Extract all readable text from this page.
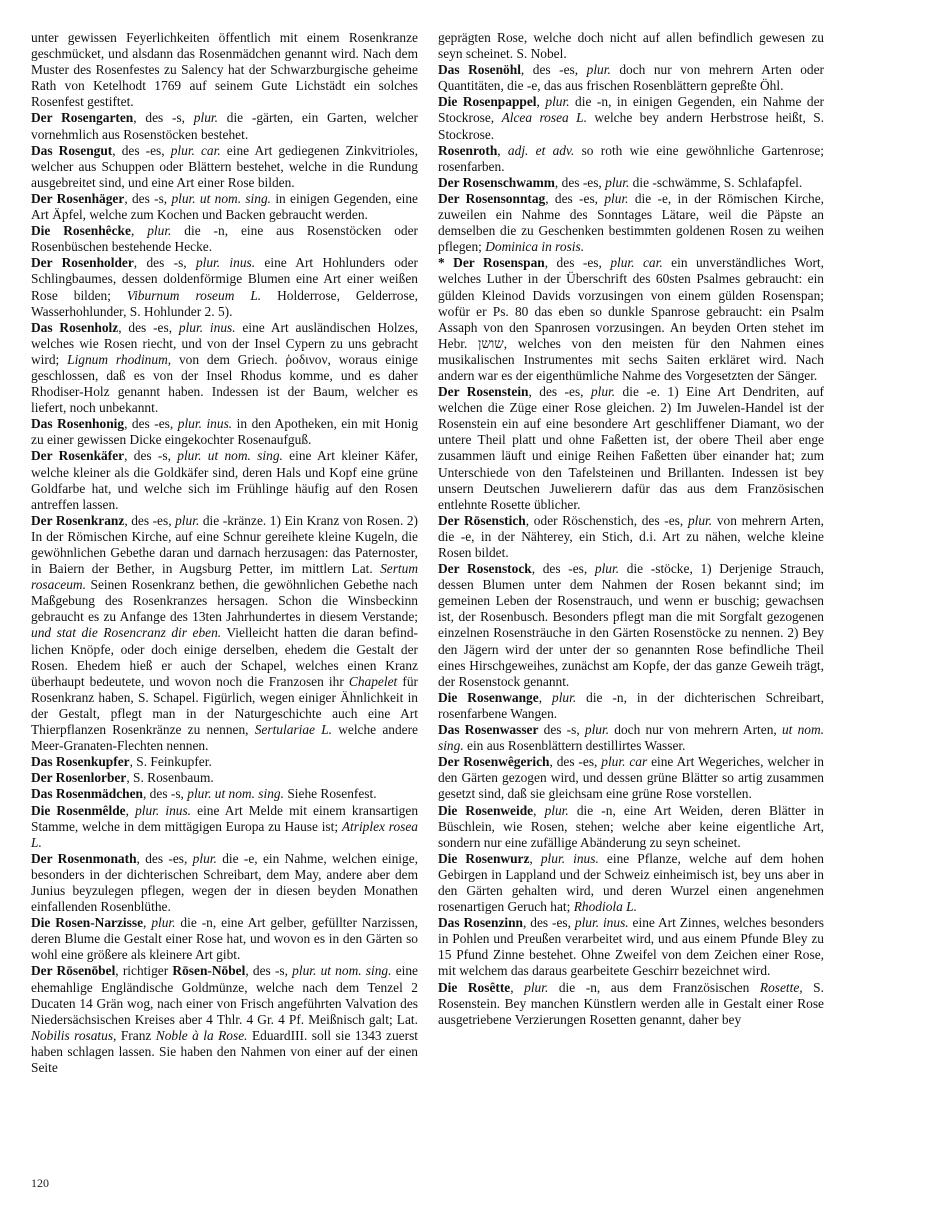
unter gewissen Feyerlichkeiten öffentlich mit einem Rosenkranze geschmücket, und alsdann das Rosenmädchen genannt wird. Nach dem Muster des Rosenfestes zu Salency hat der Schwarzburgische geheime Rath von Ketelhodt 1769 auf seinem Gute Lichstädt ein solches Rosenfest gestiftet.

Der Rosengarten, des -s, plur. die -gärten, ein Garten, welcher vornehmlich aus Rosenstöcken bestehet.

Das Rosengut, des -es, plur. car. eine Art gediegenen Zinkvitrioles, welcher aus Schuppen oder Blättern bestehet, welche in die Rundung ausgebreitet sind, und eine Art einer Rose bilden.

Der Rosenhäger, des -s, plur. ut nom. sing. in einigen Gegenden, eine Art Äpfel, welche zum Kochen und Backen gebraucht werden.

Die Rosenhêcke, plur. die -n, eine aus Rosenstöcken oder Rosenbüschen bestehende Hecke.

Der Rosenholder, des -s, plur. inus. eine Art Hohlunders oder Schlingbaumes, dessen doldenförmige Blumen eine Art einer weißen Rose bilden; Viburnum roseum L. Holderrose, Gelderrose, Wasserhohlunder, S. Hohlunder 2. 5).

Das Rosenholz, des -es, plur. inus. eine Art ausländischen Holzes, welches wie Rosen riecht, und von der Insel Cypern zu uns gebracht wird; Lignum rhodinum, von dem Griech. ῥοδινον, woraus einige geschlossen, daß es von der Insel Rhodus komme, und es daher Rhodiser-Holz genannt haben. Indessen ist der Baum, welcher es liefert, noch unbekannt.

Das Rosenhonig, des -es, plur. inus. in den Apotheken, ein mit Honig zu einer gewissen Dicke eingekochter Rosenaufguß.

Der Rosenkäfer, des -s, plur. ut nom. sing. eine Art kleiner Käfer, welche kleiner als die Goldkäfer sind, deren Hals und Kopf eine grüne Goldfarbe hat, und welche sich im Frühlinge häufig auf den Rosen antreffen lassen.

Der Rosenkranz, des -es, plur. die -kränze. 1) Ein Kranz von Rosen. 2) In der Römischen Kirche, auf eine Schnur gereihete kleine Kugeln, die gewöhnlichen Gebethe daran und darnach herzusagen: das Paternoster, in Baiern der Bether, in Augsburg Petter, im mittlern Lat. Sertum rosaceum. Seinen Rosenkranz bethen, die gewöhnlichen Gebethe nach Maßgebung des Rosenkranzes hersagen. Schon die Winsbeckinn gebraucht es zu Anfange des 13ten Jahrhundertes in diesem Verstande; und stat die Rosencranz dir eben. Vielleicht hatten die daran befindlichen Knöpfe, oder doch einige derselben, ehedem die Gestalt der Rosen. Ehedem hieß er auch der Schapel, welches einen Kranz überhaupt bedeutete, und wovon noch die Franzosen ihr Chapelet für Rosenkranz haben, S. Schapel. Figürlich, wegen einiger Ähnlichkeit in der Gestalt, pflegt man in der Naturgeschichte auch eine Art Thierpflanzen Rosenkränze zu nennen, Sertulariae L. welche andere Meer-Granaten-Flechten nennen.

Das Rosenkupfer, S. Feinkupfer.

Der Rosenlorber, S. Rosenbaum.

Das Rosenmädchen, des -s, plur. ut nom. sing. Siehe Rosenfest.

Die Rosenmêlde, plur. inus. eine Art Melde mit einem kransartigen Stamme, welche in dem mittägigen Europa zu Hause ist; Atriplex rosea L.

Der Rosenmonath, des -es, plur. die -e, ein Nahme, welchen einige, besonders in der dichterischen Schreibart, dem May, andere aber dem Junius beyzulegen pflegen, wegen der in diesen beyden Monathen einfallenden Rosenblüthe.

Die Rosen-Narzisse, plur. die -n, eine Art gelber, gefüllter Narzissen, deren Blume die Gestalt einer Rose hat, und wovon es in den Gärten so wohl eine größere als kleinere Art gibt.

Der Rōsenōbel, richtiger Rōsen-Nōbel, des -s, plur. ut nom. sing. eine ehemahlige Engländische Goldmünze, welche nach dem Tenzel 2 Ducaten 14 Grän wog, nach einer von Frisch angeführten Valvation des Niedersächsischen Kreises aber 4 Thlr. 4 Gr. 4 Pf. Meißnisch galt; Lat. Nobilis rosatus, Franz Noble à la Rose. EduardIII. soll sie 1343 zuerst haben schlagen lassen. Sie haben den Nahmen von einer auf der einen Seite

geprägten Rose, welche doch nicht auf allen befindlich gewesen zu seyn scheinet. S. Nobel.

Das Rosenöhl, des -es, plur. doch nur von mehrern Arten oder Quantitäten, die -e, das aus frischen Rosenblättern gepreßte Öhl.

Die Rosenpappel, plur. die -n, in einigen Gegenden, ein Nahme der Stockrose, Alcea rosea L. welche bey andern Herbstrose heißt, S. Stockrose.

Rosenroth, adj. et adv. so roth wie eine gewöhnliche Gartenrose; rosenfarben.

Der Rosenschwamm, des -es, plur. die -schwämme, S. Schlafapfel.

Der Rosensonntag, des -es, plur. die -e, in der Römischen Kirche, zuweilen ein Nahme des Sonntages Lätare, weil die Päpste an demselben die zu Geschenken bestimmten goldenen Rosen zu weihen pflegen; Dominica in rosis.

* Der Rosenspan, des -es, plur. car. ein unverständliches Wort, welches Luther in der Überschrift des 60sten Psalmes gebraucht: ein gülden Kleinod Davids vorzusingen von einem gülden Rosenspan; wofür er Ps. 80 das eben so dunkle Spanrose gebraucht: ein Psalm Assaph von den Spanrosen vorzusingen. An beyden Orten stehet im Hebr. שושן, welches von den meisten für den Nahmen eines musikalischen Instrumentes mit sechs Saiten erkläret wird. Nach andern war es der eigenthümliche Nahme des Vorgesetzten der Sänger.

Der Rosenstein, des -es, plur. die -e. 1) Eine Art Dendriten, auf welchen die Züge einer Rose gleichen. 2) Im Juwelen-Handel ist der Rosenstein ein auf eine besondere Art geschliffener Diamant, wo der untere Theil platt und ohne Faßetten ist, der obere Theil aber enge zusammen läuft und einige Reihen Faßetten über einander hat; zum Unterschiede von den Tafelsteinen und Brillanten. Indessen ist bey unsern Deutschen Juwelierern dafür das aus dem Französischen entlehnte Rosette üblicher.

Der Rōsenstich, oder Röschenstich, des -es, plur. von mehrern Arten, die -e, in der Nähterey, ein Stich, d.i. Art zu nähen, welche kleine Rosen bildet.

Der Rosenstock, des -es, plur. die -stöcke, 1) Derjenige Strauch, dessen Blumen unter dem Nahmen der Rosen bekannt sind; im gemeinen Leben der Rosenstrauch, und wenn er buschig; gewachsen ist, der Rosenbusch. Besonders pflegt man die mit Sorgfalt gezogenen einzelnen Rosensträuche in den Gärten Rosenstöcke zu nennen. 2) Bey den Jägern wird der unter der so genannten Rose befindliche Theil eines Hirschgeweihes, zunächst am Kopfe, der das ganze Geweih trägt, der Rosenstock genannt.

Die Rosenwange, plur. die -n, in der dichterischen Schreibart, rosenfarbene Wangen.

Das Rosenwasser des -s, plur. doch nur von mehrern Arten, ut nom. sing. ein aus Rosenblättern destillirtes Wasser.

Der Rosenwêgerich, des -es, plur. car eine Art Wegeriches, welcher in den Gärten gezogen wird, und dessen grüne Blätter so artig zusammen gesetzt sind, daß sie gleichsam eine grüne Rose vorstellen.

Die Rosenweide, plur. die -n, eine Art Weiden, deren Blätter in Büschlein, wie Rosen, stehen; welche aber keine eigentliche Art, sondern nur eine zufällige Abänderung zu seyn scheinet.

Die Rosenwurz, plur. inus. eine Pflanze, welche auf dem hohen Gebirgen in Lappland und der Schweiz einheimisch ist, bey uns aber in den Gärten gehalten wird, und deren Wurzel einen angenehmen rosenartigen Geruch hat; Rhodiola L.

Das Rosenzinn, des -es, plur. inus. eine Art Zinnes, welches besonders in Pohlen und Preußen verarbeitet wird, und aus einem Pfunde Bley zu 15 Pfund Zinne bestehet. Ohne Zweifel von dem Zeichen einer Rose, mit welchem das daraus gearbeitete Geschirr bezeichnet wird.

Die Rosêtte, plur. die -n, aus dem Französischen Rosette, S. Rosenstein. Bey manchen Künstlern werden alle in Gestalt einer Rose ausgetriebene Verzierungen Rosetten genannt, daher bey

120
